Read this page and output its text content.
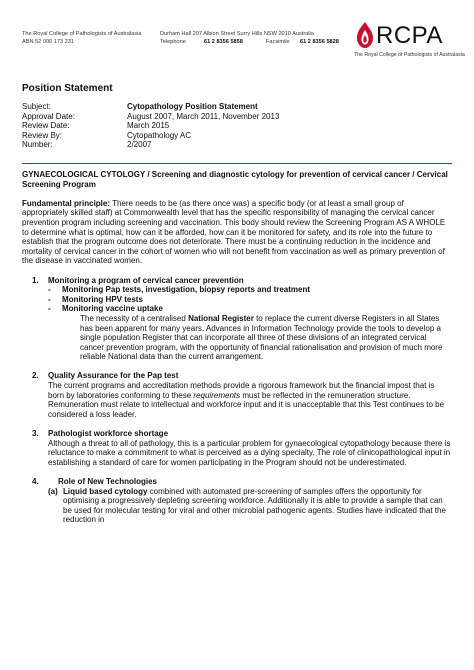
The Royal College of Pathologists of Australasia
ABN 52 000 173 231
Durham Hall 207 Albion Street Surry Hills NSW 2010 Australia
Telephone	61 2 8356 5858	Facsimile 61 2 8356 5828 RCPA
The Royal College of Pathologists of Australasia
Position Statement
Subject:	Cytopathology Position Statement
Approval Date:	August 2007, March 2011, November 2013
Review Date:	March 2015
Review By:	Cytopathology AC
Number:	2/2007
GYNAECOLOGICAL CYTOLOGY / Screening and diagnostic cytology for prevention of cervical cancer / Cervical Screening Program

Fundamental principle: There needs to be (as there once was) a specific body (or at least a small group of appropriately skilled staff) at Commonwealth level that has the specific responsibility of managing the cervical cancer prevention program including screening and vaccination. This body should review the Screening Program AS A WHOLE to determine what is optimal, how can it be afforded, how can it be monitored for safety, and its role into the future to establish that the program outcome does not deteriorate. There must be a continuing reduction in the incidence and mortality of cervical cancer in the cohort of women who will not benefit from vaccination as well as primary prevention of the disease in vaccinated women.

1.	Monitoring a program of cervical cancer prevention
-	Monitoring Pap tests, investigation, biopsy reports and treatment
-	Monitoring HPV tests
-	Monitoring vaccine uptake

The necessity of a centralised National Register to replace the current diverse Registers in all States has been apparent for many years. Advances in Information Technology provide the tools to develop a single population Register that can incorporate all three of these divisions of an integrated cervical cancer prevention program, with the opportunity of financial rationalisation and provision of much more reliable National data than the current arrangement.

2.	Quality Assurance for the Pap test

The current programs and accreditation methods provide a rigorous framework but the financial impost that is born by laboratories conforming to these requirements must be reflected in the remuneration structure. Remuneration must relate to intellectual and workforce input and it is unacceptable that this Test continues to be considered a loss leader.

3.	Pathologist workforce shortage

Although a threat to all of pathology, this is a particular problem for gynaecological cytopathology because there is reluctance to make a commitment to what is perceived as a dying specialty. The role of clinicopathological input in establishing a standard of care for women participating in the Program should not be underestimated.

4.	Role of New Technologies
(a) Liquid based cytology combined with automated pre-screening of samples offers the opportunity for optimising a progressively depleting screening workforce. Additionally it is able to provide a sample that can be used for molecular testing for viral and other microbial pathogenic agents. Studies have indicated that the reduction in
